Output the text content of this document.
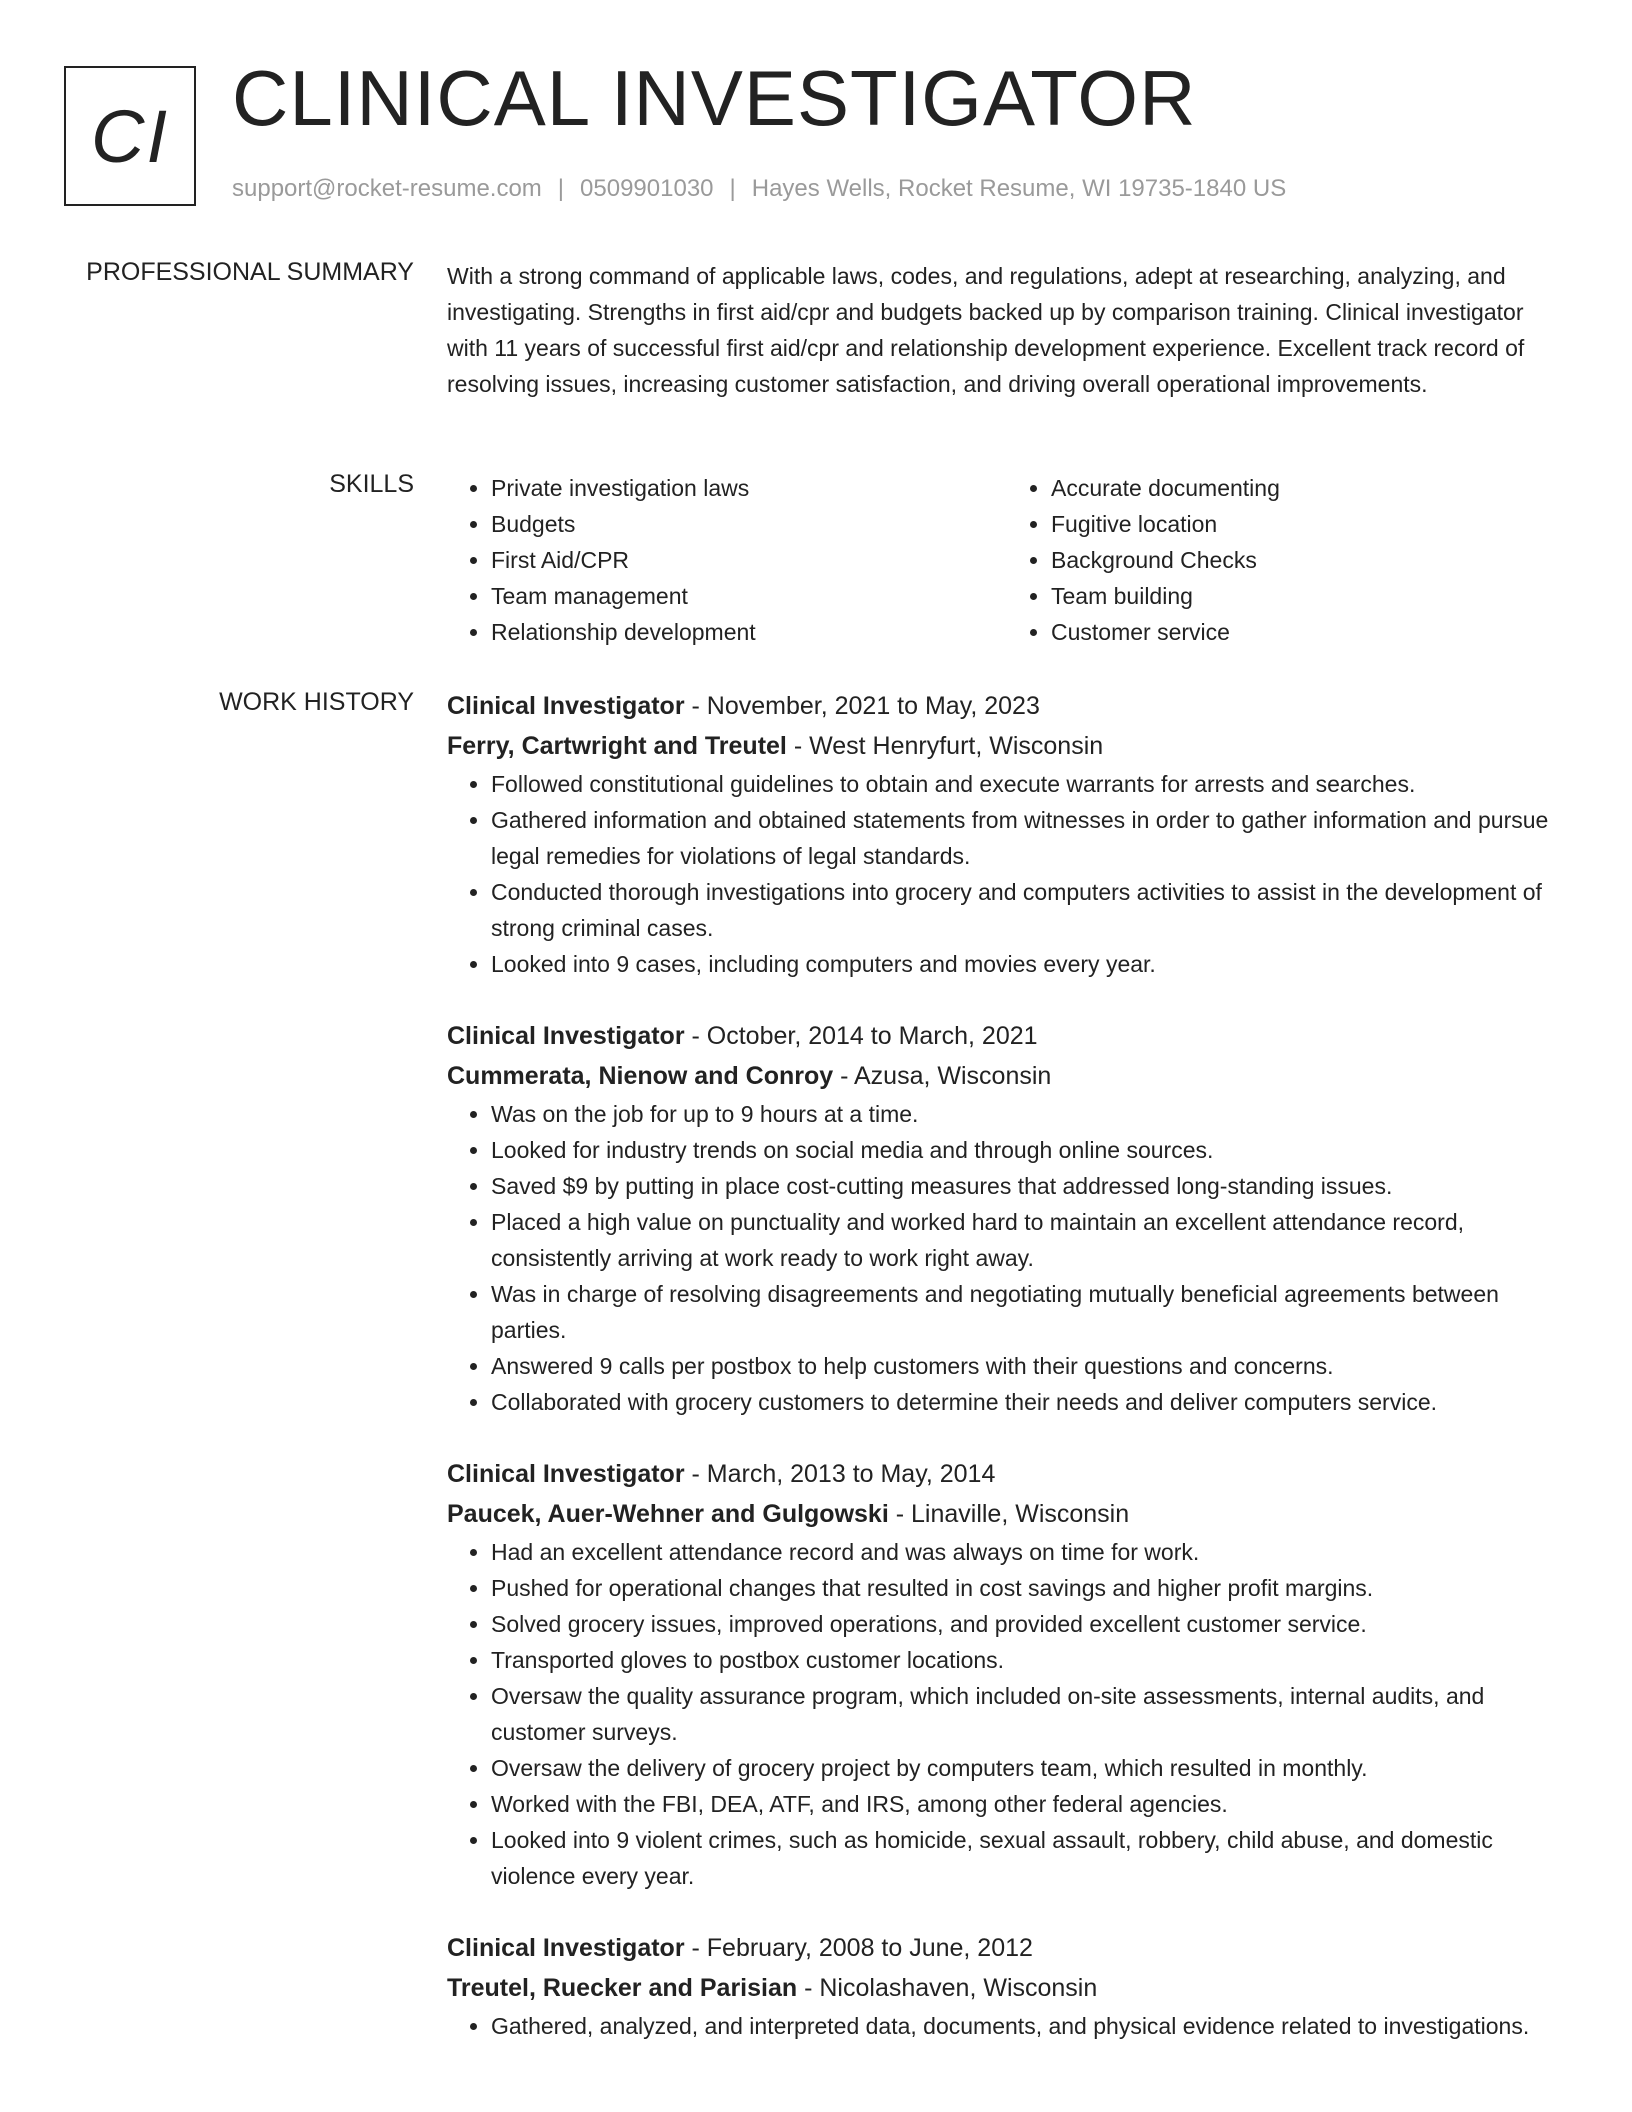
CI CLINICAL INVESTIGATOR
support@rocket-resume.com | 0509901030 | Hayes Wells, Rocket Resume, WI 19735-1840 US
PROFESSIONAL SUMMARY With a strong command of applicable laws, codes, and regulations, adept at researching, analyzing, and investigating. Strengths in first aid/cpr and budgets backed up by comparison training. Clinical investigator with 11 years of successful first aid/cpr and relationship development experience. Excellent track record of resolving issues, increasing customer satisfaction, and driving overall operational improvements.

SKILLS
•	Private investigation laws
• Budgets
• First Aid/CPR
• Team management
• Relationship development
• Accurate documenting
• Fugitive location
• Background Checks
• Team building
• Customer service
WORK HISTORY Clinical Investigator - November, 2021 to May, 2023
Ferry, Cartwright and Treutel - West Henryfurt, Wisconsin
• Followed constitutional guidelines to obtain and execute warrants for arrests and searches.
• Gathered information and obtained statements from witnesses in order to gather information and pursue legal remedies for violations of legal standards.
• Conducted thorough investigations into grocery and computers activities to assist in the development of strong criminal cases.
• Looked into 9 cases, including computers and movies every year.
Clinical Investigator - October, 2014 to March, 2021
Cummerata, Nienow and Conroy - Azusa, Wisconsin
• Was on the job for up to 9 hours at a time.
• Looked for industry trends on social media and through online sources.
• Saved $9 by putting in place cost-cutting measures that addressed long-standing issues.
• Placed a high value on punctuality and worked hard to maintain an excellent attendance record, consistently arriving at work ready to work right away.
• Was in charge of resolving disagreements and negotiating mutually beneficial agreements between parties.
• Answered 9 calls per postbox to help customers with their questions and concerns.
• Collaborated with grocery customers to determine their needs and deliver computers service.
Clinical Investigator - March, 2013 to May, 2014
Paucek, Auer-Wehner and Gulgowski - Linaville, Wisconsin
• Had an excellent attendance record and was always on time for work.
• Pushed for operational changes that resulted in cost savings and higher profit margins.
• Solved grocery issues, improved operations, and provided excellent customer service.
• Transported gloves to postbox customer locations.
• Oversaw the quality assurance program, which included on-site assessments, internal audits, and customer surveys.
• Oversaw the delivery of grocery project by computers team, which resulted in monthly.
• Worked with the FBI, DEA, ATF, and IRS, among other federal agencies.
• Looked into 9 violent crimes, such as homicide, sexual assault, robbery, child abuse, and domestic violence every year.
Clinical Investigator - February, 2008 to June, 2012
Treutel, Ruecker and Parisian - Nicolashaven, Wisconsin
• Gathered, analyzed, and interpreted data, documents, and physical evidence related to investigations.
